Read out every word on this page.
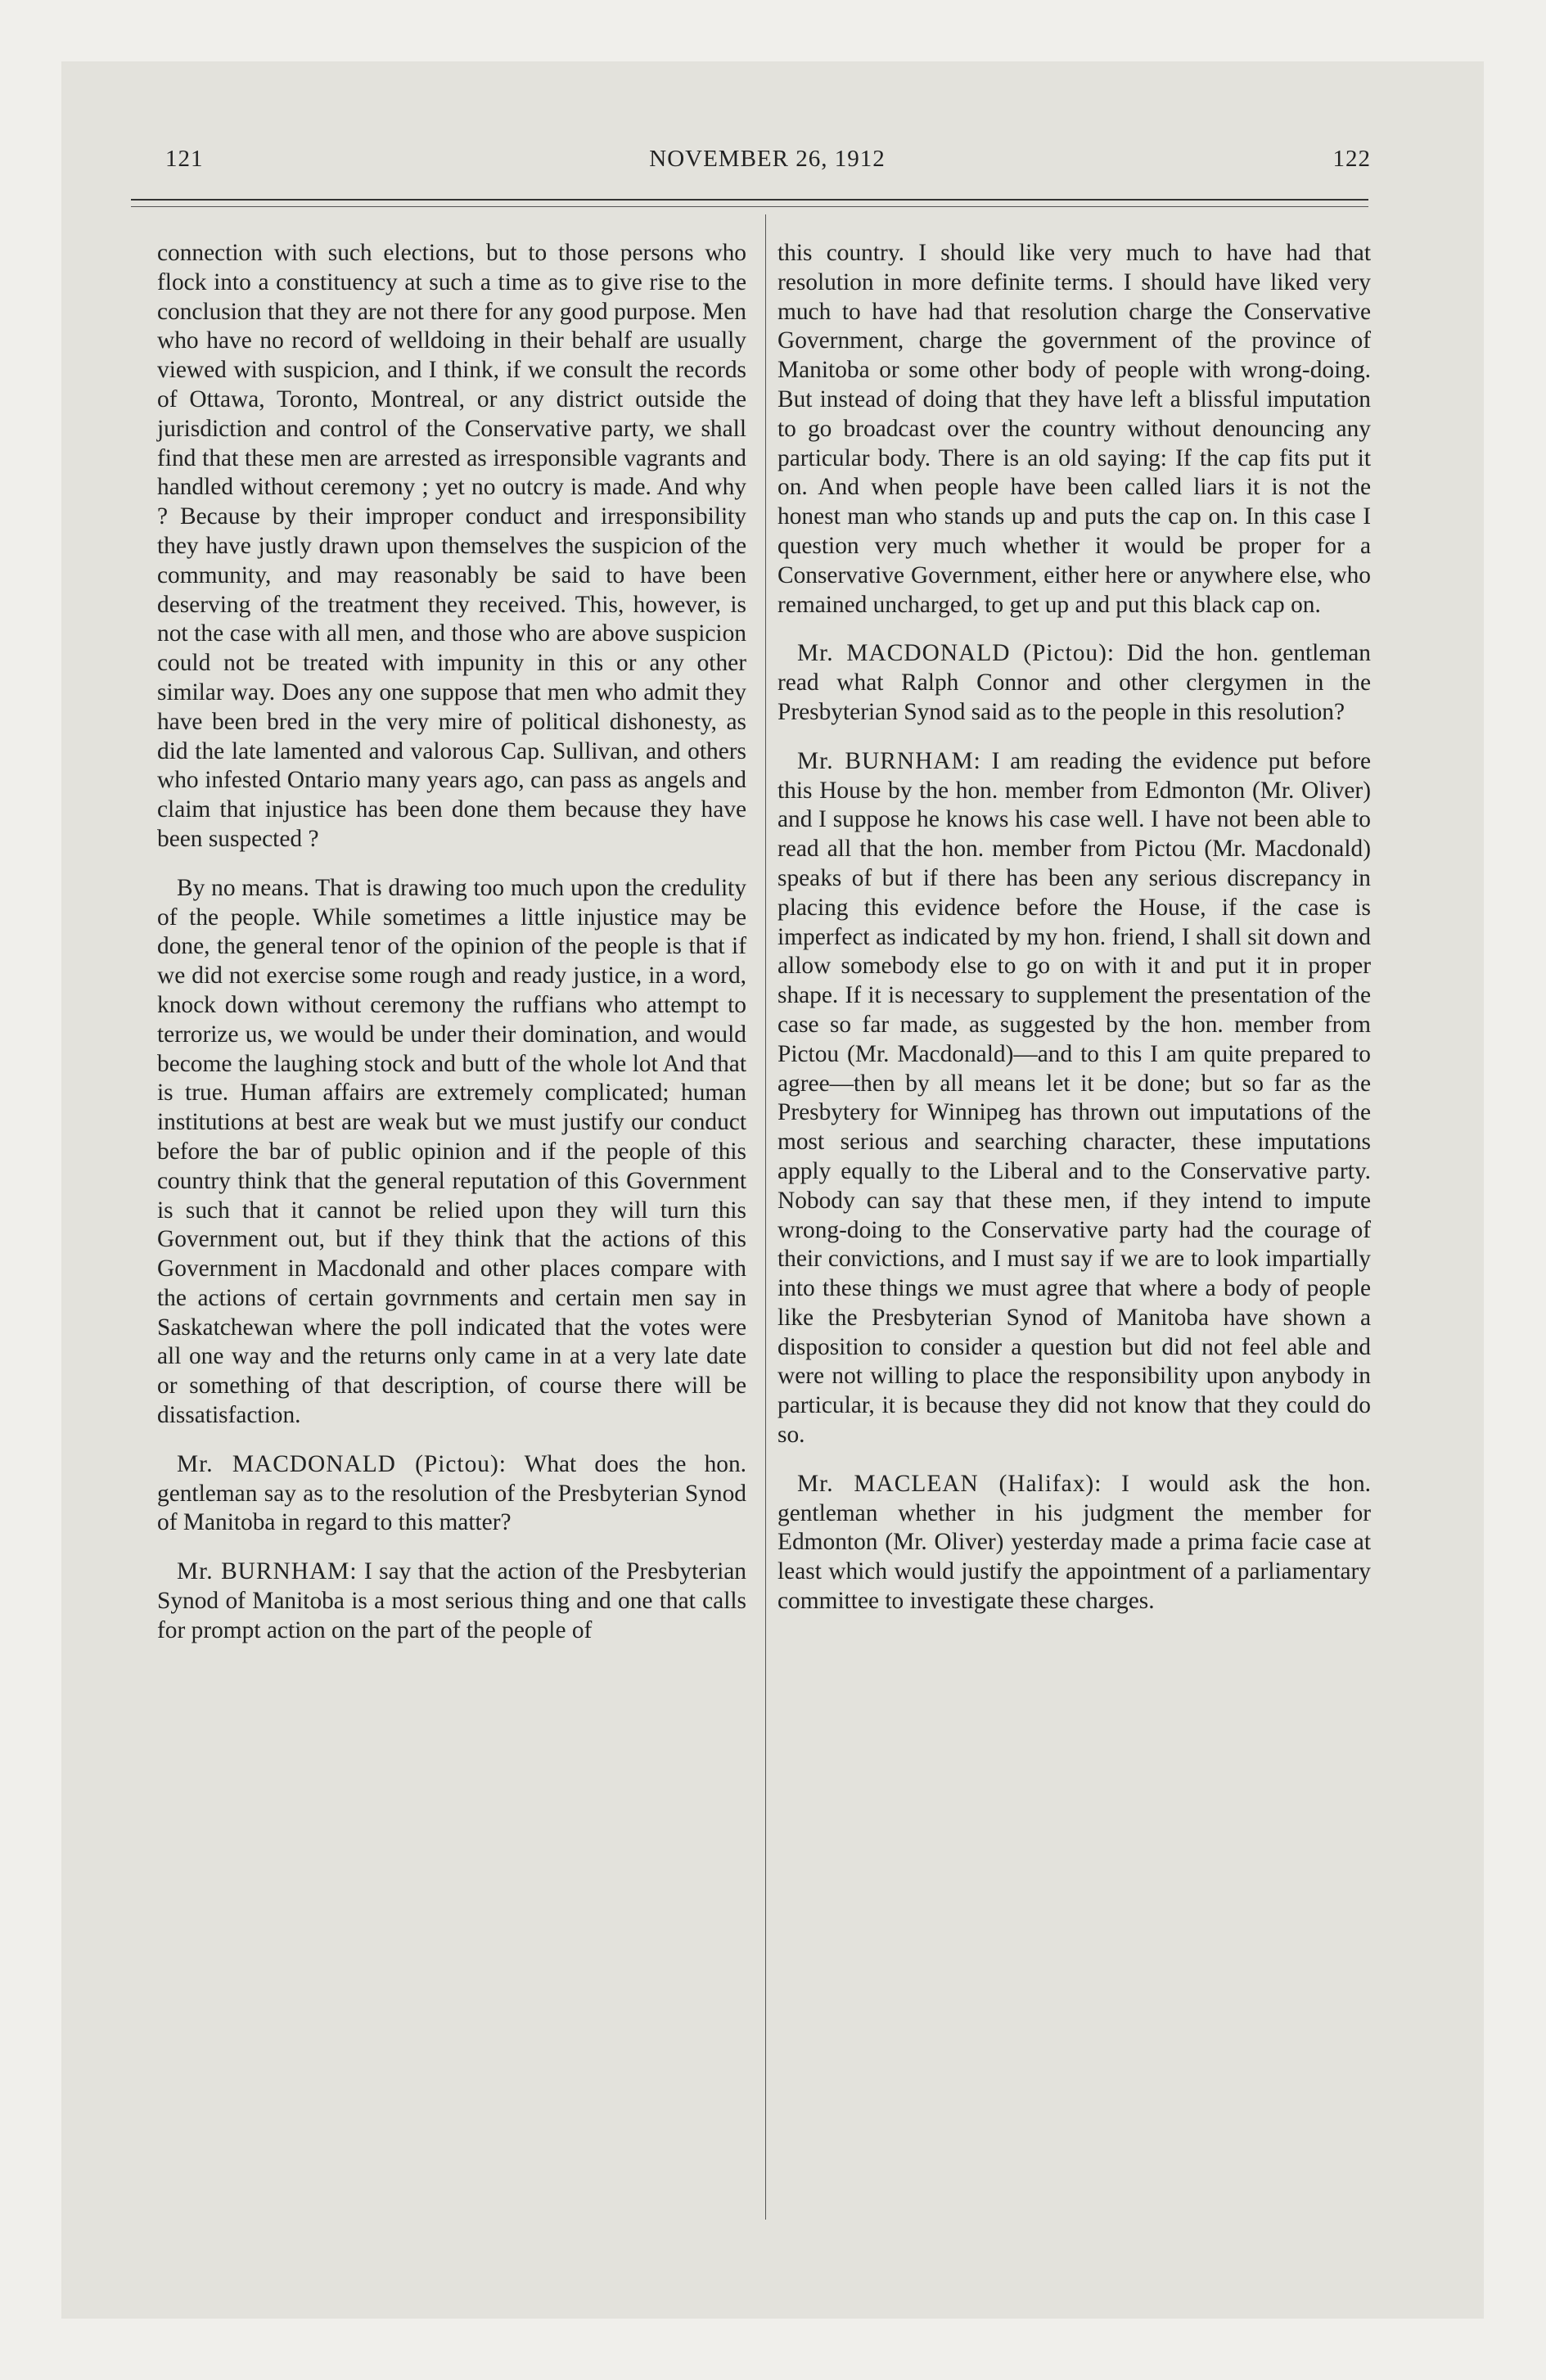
121	NOVEMBER 26, 1912	122

connection with such elections, but to those persons who flock into a constituency at such a time as to give rise to the conclusion that they are not there for any good purpose. Men who have no record of welldoing in their behalf are usually viewed with suspicion, and I think, if we consult the records of Ottawa, Toronto, Montreal, or any district outside the jurisdiction and control of the Conservative party, we shall find that these men are arrested as irresponsible vagrants and handled without ceremony ; yet no outcry is made. And why ? Because by their improper conduct and irresponsibility they have justly drawn upon themselves the suspicion of the community, and may reasonably be said to have been deserving of the treatment they received. This, however, is not the case with all men, and those who are above suspicion could not be treated with impunity in this or any other similar way. Does any one suppose that men who admit they have been bred in the very mire of political dishonesty, as did the late lamented and valorous Cap. Sullivan, and others who infested Ontario many years ago, can pass as angels and claim that injustice has been done them because they have been suspected ?

By no means. That is drawing too much upon the credulity of the people. While sometimes a little injustice may be done, the general tenor of the opinion of the people is that if we did not exercise some rough and ready justice, in a word, knock down without ceremony the ruffians who attempt to terrorize us, we would be under their domination, and would become the laughing stock and butt of the whole lot And that is true. Human affairs are extremely complicated; human institutions at best are weak but we must justify our conduct before the bar of public opinion and if the people of this country think that the general reputation of this Government is such that it cannot be relied upon they will turn this Government out, but if they think that the actions of this Government in Macdonald and other places compare with the actions of certain govrnments and certain men say in Saskatchewan where the poll indicated that the votes were all one way and the returns only came in at a very late date or something of that description, of course there will be dissatisfaction.

Mr. MACDONALD (Pictou): What does the hon. gentleman say as to the resolution of the Presbyterian Synod of Manitoba in regard to this matter?

Mr. BURNHAM: I say that the action of the Presbyterian Synod of Manitoba is a most serious thing and one that calls for prompt action on the part of the people of

this country. I should like very much to have had that resolution in more definite terms. I should have liked very much to have had that resolution charge the Conservative Government, charge the government of the province of Manitoba or some other body of people with wrong-doing. But instead of doing that they have left a blissful imputation to go broadcast over the country without denouncing any particular body. There is an old saying: If the cap fits put it on. And when people have been called liars it is not the honest man who stands up and puts the cap on. In this case I question very much whether it would be proper for a Conservative Government, either here or anywhere else, who remained uncharged, to get up and put this black cap on.

Mr. MACDONALD (Pictou): Did the hon. gentleman read what Ralph Connor and other clergymen in the Presbyterian Synod said as to the people in this resolution?

Mr. BURNHAM: I am reading the evidence put before this House by the hon. member from Edmonton (Mr. Oliver) and I suppose he knows his case well. I have not been able to read all that the hon. member from Pictou (Mr. Macdonald) speaks of but if there has been any serious discrepancy in placing this evidence before the House, if the case is imperfect as indicated by my hon. friend, I shall sit down and allow somebody else to go on with it and put it in proper shape. If it is necessary to supplement the presentation of the case so far made, as suggested by the hon. member from Pictou (Mr. Macdonald)—and to this I am quite prepared to agree—then by all means let it be done; but so far as the Presbytery for Winnipeg has thrown out imputations of the most serious and searching character, these imputations apply equally to the Liberal and to the Conservative party. Nobody can say that these men, if they intend to impute wrong-doing to the Conservative party had the courage of their convictions, and I must say if we are to look impartially into these things we must agree that where a body of people like the Presbyterian Synod of Manitoba have shown a disposition to consider a question but did not feel able and were not willing to place the responsibility upon anybody in particular, it is because they did not know that they could do so.

Mr. MACLEAN (Halifax): I would ask the hon. gentleman whether in his judgment the member for Edmonton (Mr. Oliver) yesterday made a prima facie case at least which would justify the appointment of a parliamentary committee to investigate these charges.
